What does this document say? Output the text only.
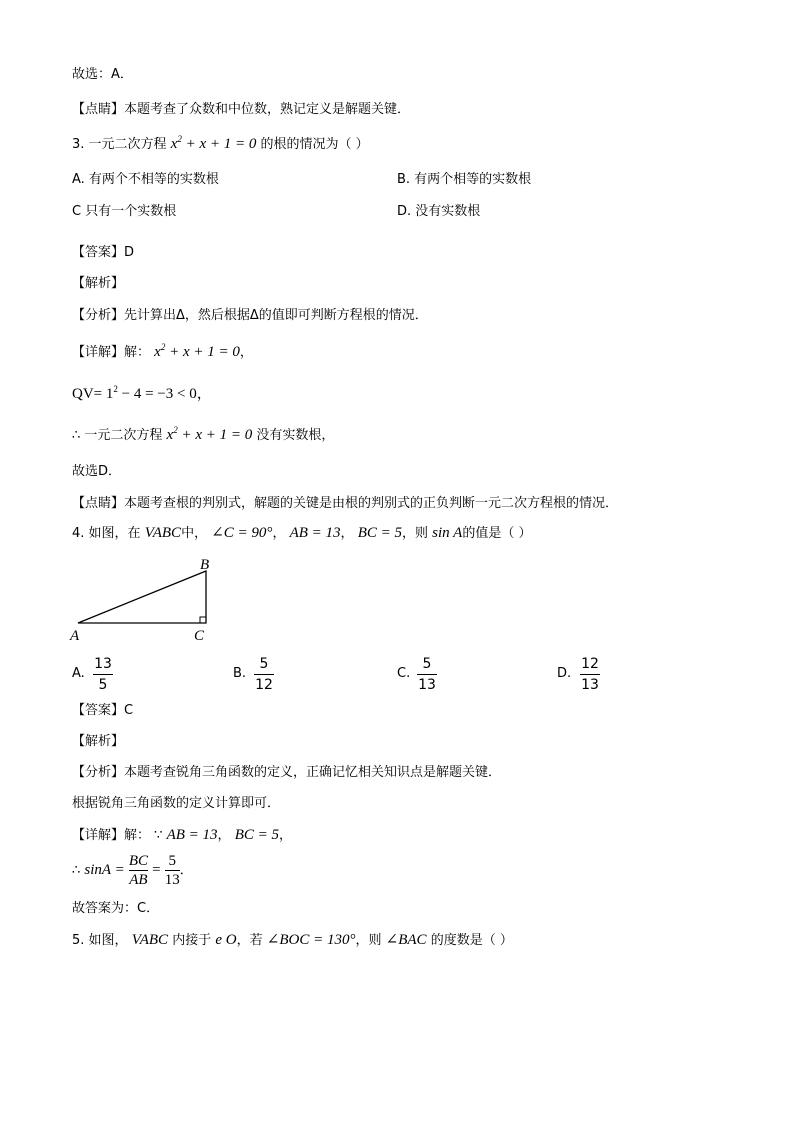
故选：A．
【点睛】本题考查了众数和中位数，熟记定义是解题关键．
3. 一元二次方程 $x^2 + x + 1 = 0$ 的根的情况为（ ）
A. 有两个不相等的实数根	B. 有两个相等的实数根
C 只有一个实数根	D. 没有实数根
【答案】D
【解析】
【分析】先计算出Δ，然后根据Δ的值即可判断方程根的情况．
【详解】解： $x^2 + x + 1 = 0$，
$QV= 1^2 - 4 = -3 < 0$，
∴ 一元二次方程 $x^2 + x + 1 = 0$ 没有实数根，
故选D．
【点睛】本题考查根的判别式，解题的关键是由根的判别式的正负判断一元二次方程根的情况．
4. 如图，在 VABC中， ∠C = 90°， AB = 13， BC = 5，则 sin A的值是（ ）
A
B
C
A.
13
5
B.
5
12
C.
5
13
D.
12
13
【答案】C
【解析】
【分析】本题考查锐角三角函数的定义，正确记忆相关知识点是解题关键．
根据锐角三角函数的定义计算即可．
【详解】解： ∵ AB = 13， BC = 5，
∴ $\sin A = \frac{BC}{AB} = \frac{5}{13}$ ．
故答案为：C．
5. 如图， VABC 内接于 e O，若 ∠BOC = 130°，则 ∠BAC 的度数是（ ）
